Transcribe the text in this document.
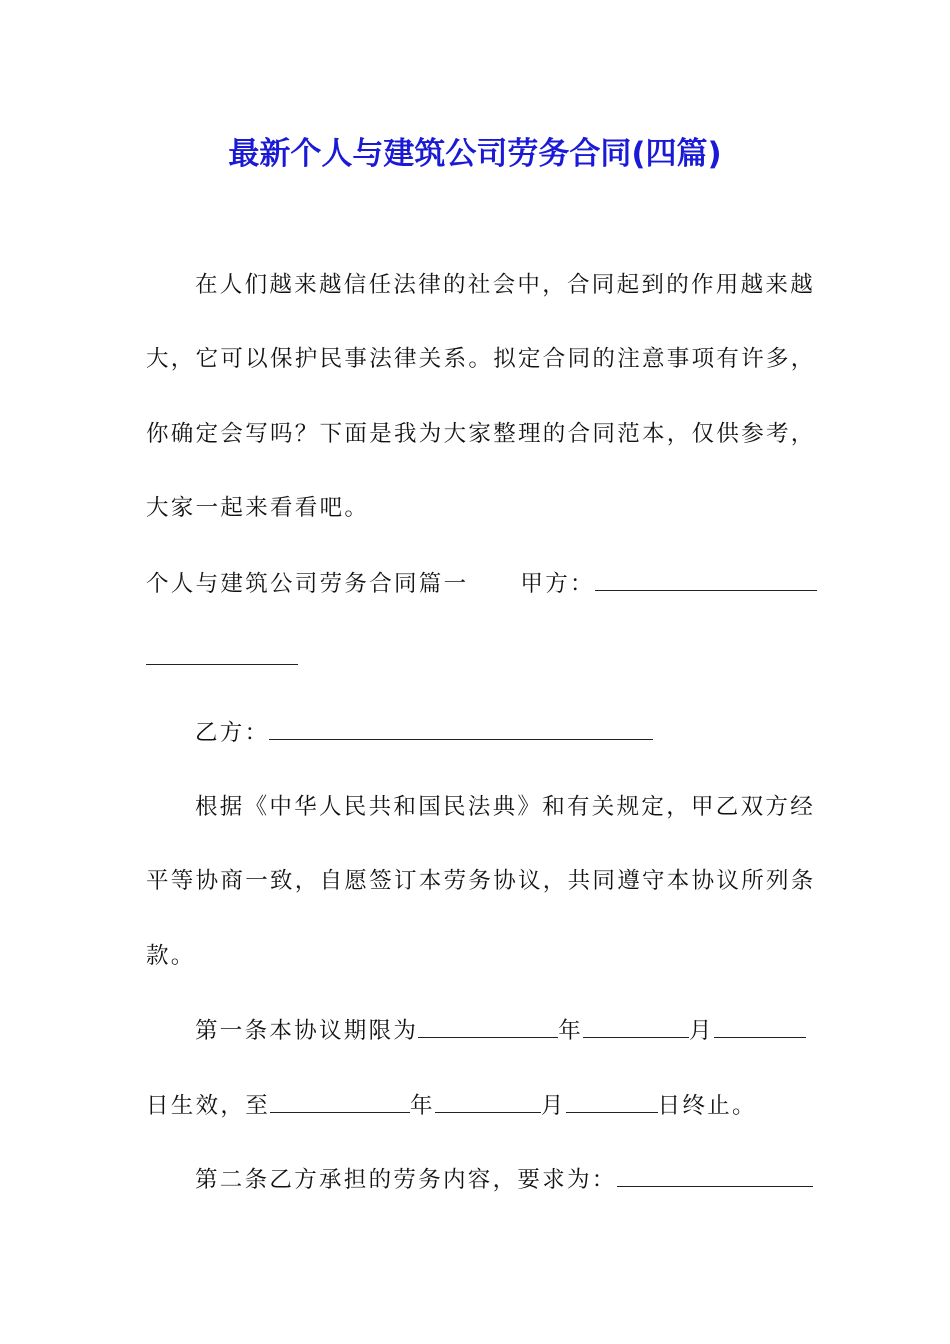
最新个人与建筑公司劳务合同(四篇)
在人们越来越信任法律的社会中，合同起到的作用越来越
大，它可以保护民事法律关系。拟定合同的注意事项有许多，
你确定会写吗？下面是我为大家整理的合同范本，仅供参考，
大家一起来看看吧。
个人与建筑公司劳务合同篇一 甲方：
乙方：
根据《中华人民共和国民法典》和有关规定，甲乙双方经
平等协商一致，自愿签订本劳务协议，共同遵守本协议所列条
款。
第一条本协议期限为	年	月
日生效，至	年	月	日终止。
第二条乙方承担的劳务内容，要求为：
